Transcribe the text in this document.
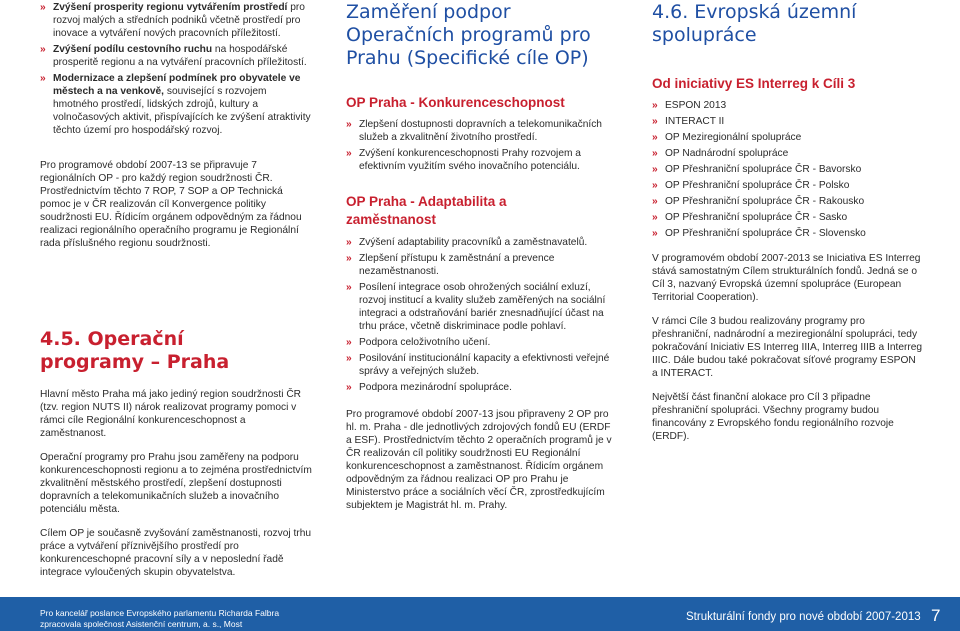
» Zvýšení prosperity regionu vytvářením prostředí pro rozvoj malých a středních podniků včetně prostředí pro inovace a vytváření nových pracovních příležitostí.
» Zvýšení podílu cestovního ruchu na hospodářské prosperitě regionu a na vytváření pracovních příležitostí.
» Modernizace a zlepšení podmínek pro obyvatele ve městech a na venkově, související s rozvojem hmotného prostředí, lidských zdrojů, kultury a volnočasových aktivit, přispívajících ke zvýšení atraktivity těchto území pro hospodářský rozvoj.

Pro programové období 2007-13 se připravuje 7 regionálních OP - pro každý region soudržnosti ČR. Prostřednictvím těchto 7 ROP, 7 SOP a OP Technická pomoc je v ČR realizován cíl Konvergence politiky soudržnosti EU. Řídicím orgánem odpovědným za řádnou realizaci regionálního operačního programu je Regionální rada příslušného regionu soudržnosti.

4.5. Operační programy – Praha

Hlavní město Praha má jako jediný region soudržnosti ČR (tzv. region NUTS II) nárok realizovat programy pomoci v rámci cíle Regionální konkurenceschopnost a zaměstnanost.

Operační programy pro Prahu jsou zaměřeny na podporu konkurenceschopnosti regionu a to zejména prostřednictvím zkvalitnění městského prostředí, zlepšení dostupnosti dopravních a telekomunikačních služeb a inovačního potenciálu města.

Cílem OP je současně zvyšování zaměstnanosti, rozvoj trhu práce a vytváření příznivějšího prostředí pro konkurenceschopné pracovní síly a v neposlední řadě integrace vyloučených skupin obyvatelstva.

Zaměření podpor Operačních programů pro Prahu (Specifické cíle OP)
OP Praha - Konkurenceschopnost
» Zlepšení dostupnosti dopravních a telekomunikačních služeb a zkvalitnění životního prostředí.
» Zvýšení konkurenceschopnosti Prahy rozvojem a efektivním využitím svého inovačního potenciálu.
OP Praha - Adaptabilita a zaměstnanost
» Zvýšení adaptability pracovníků a zaměstnavatelů.
» Zlepšení přístupu k zaměstnání a prevence nezaměstnanosti.
» Posílení integrace osob ohrožených sociální exluzí, rozvoj institucí a kvality služeb zaměřených na sociální integraci a odstraňování bariér znesnadňující účast na trhu práce, včetně diskriminace podle pohlaví.
» Podpora celoživotního učení.
» Posilování institucionální kapacity a efektivnosti veřejné správy a veřejných služeb.
» Podpora mezinárodní spolupráce.

Pro programové období 2007-13 jsou připraveny 2 OP pro hl. m. Praha - dle jednotlivých zdrojových fondů EU (ERDF a ESF). Prostřednictvím těchto 2 operačních programů je v ČR realizován cíl politiky soudržnosti EU Regionální konkurenceschopnost a zaměstnanost. Řídicím orgánem odpovědným za řádnou realizaci OP pro Prahu je Ministerstvo práce a sociálních věcí ČR, zprostředkujícím subjektem je Magistrát hl. m. Prahy.

4.6. Evropská územní spolupráce
Od iniciativy ES Interreg k Cíli 3
» ESPON 2013
» INTERACT II
» OP Meziregionální spolupráce
» OP Nadnárodní spolupráce
» OP Přeshraniční spolupráce ČR - Bavorsko
» OP Přeshraniční spolupráce ČR - Polsko
» OP Přeshraniční spolupráce ČR - Rakousko
» OP Přeshraniční spolupráce ČR - Sasko
» OP Přeshraniční spolupráce ČR - Slovensko

V programovém období 2007-2013 se Iniciativa ES Interreg stává samostatným Cílem strukturálních fondů. Jedná se o Cíl 3, nazvaný Evropská územní spolupráce (European Territorial Cooperation).

V rámci Cíle 3 budou realizovány programy pro přeshraniční, nadnárodní a meziregionální spolupráci, tedy pokračování Iniciativ ES Interreg IIIA, Interreg IIIB a Interreg IIIC. Dále budou také pokračovat síťové programy ESPON a INTERACT.

Největší část finanční alokace pro Cíl 3 připadne přeshraniční spolupráci. Všechny programy budou financovány z Evropského fondu regionálního rozvoje (ERDF).

Pro kancelář poslance Evropského parlamentu Richarda Falbra
zpracovala společnost Asistenční centrum, a. s., Most
Strukturální fondy pro nové období 2007-2013 7
